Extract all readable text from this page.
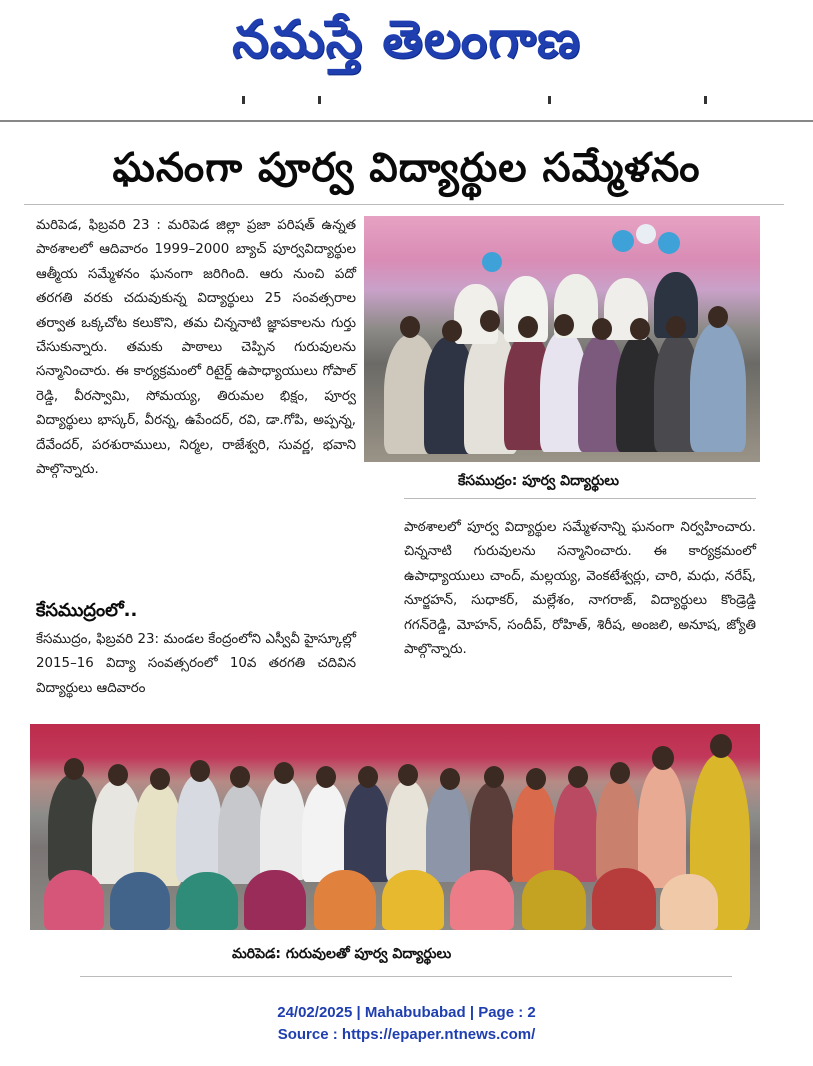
నమస్తే తెలంగాణ
ఘనంగా పూర్వ విద్యార్థుల సమ్మేళనం
మరిపెడ, ఫిబ్రవరి 23 : మరిపెడ జిల్లా ప్రజా పరిషత్ ఉన్నత పాఠశాలలో ఆదివారం 1999–2000 బ్యాచ్ పూర్వవిద్యార్థుల ఆత్మీయ సమ్మేళనం ఘనంగా జరిగింది. ఆరు నుంచి పదో తరగతి వరకు చదువుకున్న విద్యార్థులు 25 సంవత్సరాల తర్వాత ఒక్కచోట కలుకొని, తమ చిన్ననాటి జ్ఞాపకాలను గుర్తు చేసుకున్నారు. తమకు పాఠాలు చెప్పిన గురువులను సన్మానించారు. ఈ కార్యక్రమంలో రిటైర్డ్ ఉపాధ్యాయులు గోపాల్ రెడ్డి, వీరస్వామి, సోమయ్య, తిరుమల భిక్షం, పూర్వ విద్యార్థులు భాస్కర్, వీరన్న, ఉపేందర్, రవి, డా.గోపి, అప్పన్న, దేవేందర్, పరశురాములు, నిర్మల, రాజేశ్వరి, సువర్ణ, భవాని పాల్గొన్నారు.
కేసముద్రం: పూర్వ విద్యార్థులు
పాఠశాలలో పూర్వ విద్యార్థుల సమ్మేళనాన్ని ఘనంగా నిర్వహించారు. చిన్ననాటి గురువులను సన్మానించారు. ఈ కార్యక్రమంలో ఉపాధ్యాయులు చాంద్, మల్లయ్య, వెంకటేశ్వర్లు, చారి, మధు, నరేష్, నూర్జహన్, సుధాకర్, మల్లేశం, నాగరాజ్, విద్యార్థులు కొండ్రెడ్డి గగన్‌రెడ్డి, మోహన్, సందీప్, రోహిత్, శిరీష, అంజలి, అనూష, జ్యోతి పాల్గొన్నారు.
కేసముద్రంలో..
కేసముద్రం, ఫిబ్రవరి 23: మండల కేంద్రంలోని ఎస్వీవీ హైస్కూల్లో 2015–16 విద్యా సంవత్సరంలో 10వ తరగతి చదివిన విద్యార్థులు ఆదివారం
మరిపెడ: గురువులతో పూర్వ విద్యార్థులు
24/02/2025 | Mahabubabad | Page : 2
Source : https://epaper.ntnews.com/
